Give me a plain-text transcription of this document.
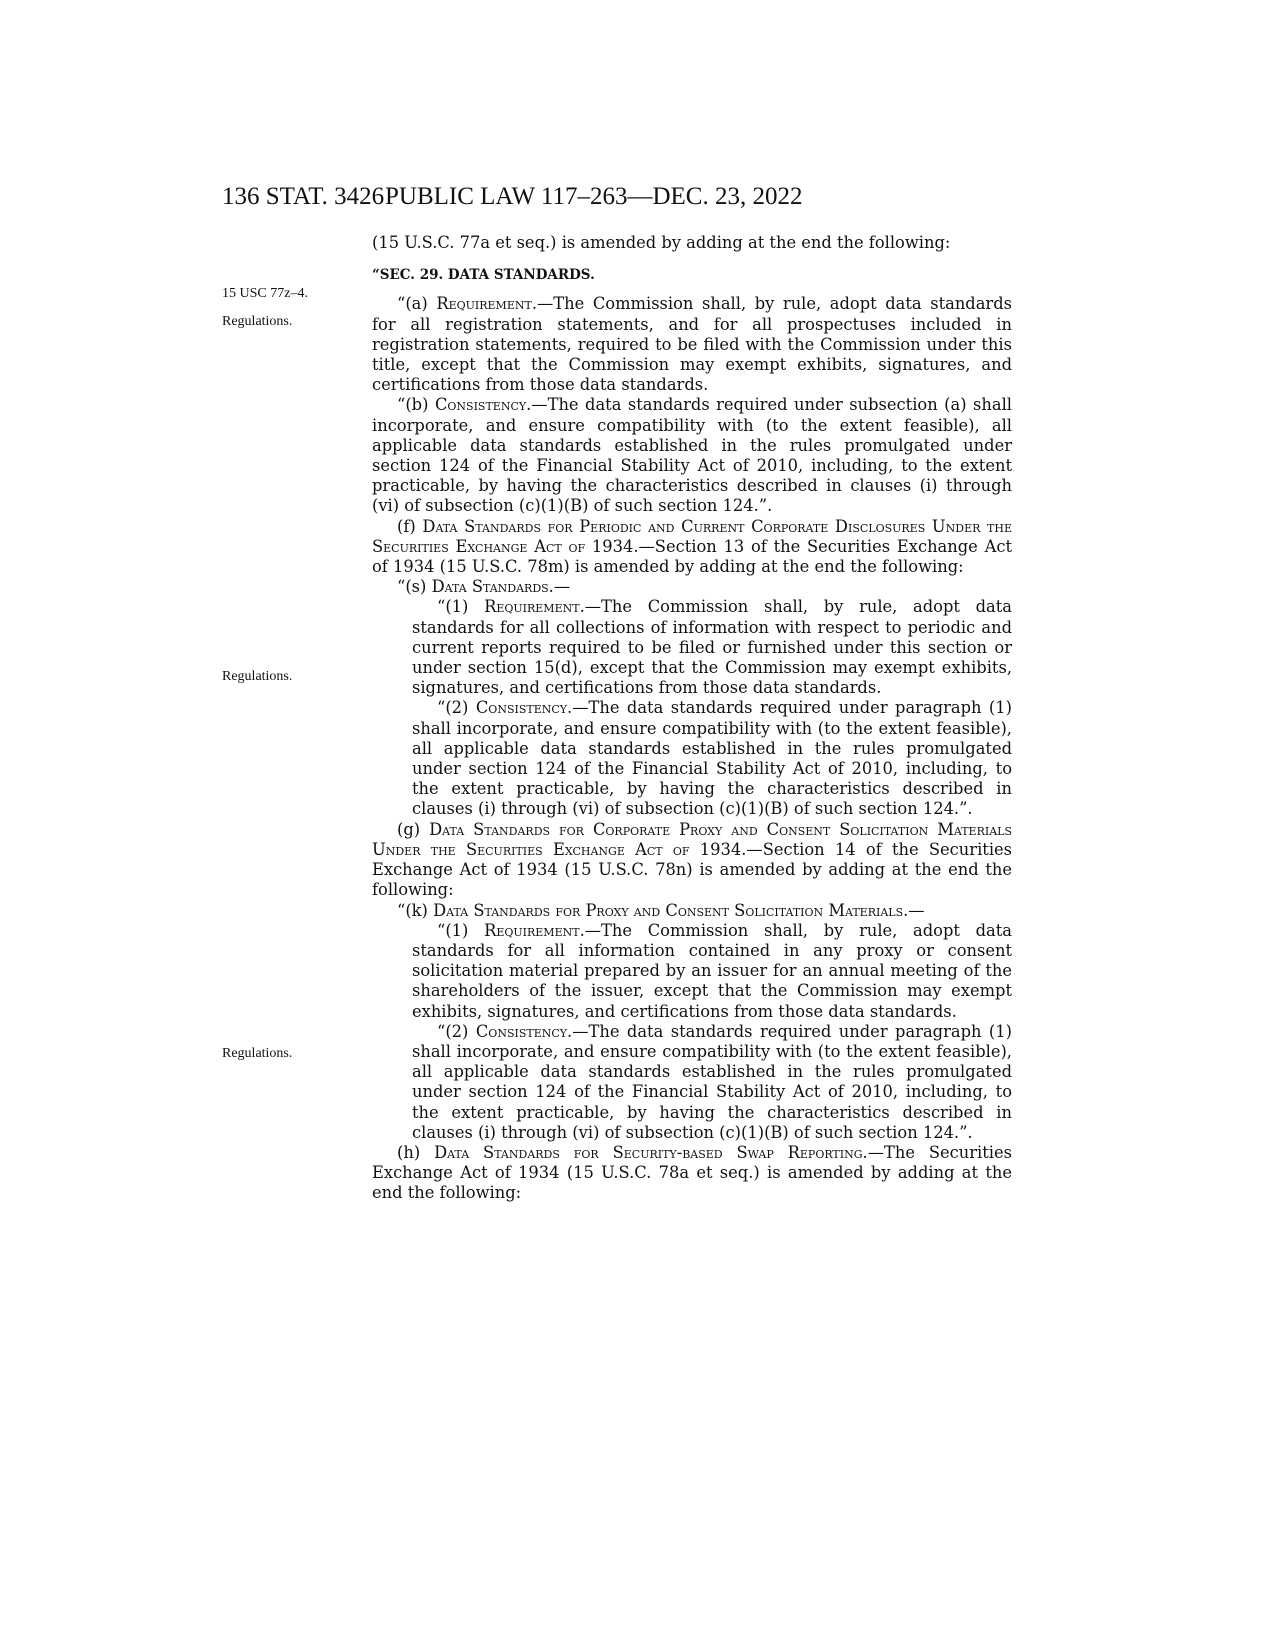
136 STAT. 3426 PUBLIC LAW 117–263—DEC. 23, 2022
15 USC 77z–4.
Regulations.
Regulations.
Regulations.

(15 U.S.C. 77a et seq.) is amended by adding at the end the following:

“SEC. 29. DATA STANDARDS.

“(a) Requirement.—The Commission shall, by rule, adopt data standards for all registration statements, and for all prospectuses included in registration statements, required to be filed with the Commission under this title, except that the Commission may exempt exhibits, signatures, and certifications from those data standards.

“(b) Consistency.—The data standards required under subsection (a) shall incorporate, and ensure compatibility with (to the extent feasible), all applicable data standards established in the rules promulgated under section 124 of the Financial Stability Act of 2010, including, to the extent practicable, by having the characteristics described in clauses (i) through (vi) of subsection (c)(1)(B) of such section 124.”.

(f) Data Standards for Periodic and Current Corporate Disclosures Under the Securities Exchange Act of 1934.—Section 13 of the Securities Exchange Act of 1934 (15 U.S.C. 78m) is amended by adding at the end the following:

“(s) Data Standards.—

“(1) Requirement.—The Commission shall, by rule, adopt data standards for all collections of information with respect to periodic and current reports required to be filed or furnished under this section or under section 15(d), except that the Commission may exempt exhibits, signatures, and certifications from those data standards.

“(2) Consistency.—The data standards required under paragraph (1) shall incorporate, and ensure compatibility with (to the extent feasible), all applicable data standards established in the rules promulgated under section 124 of the Financial Stability Act of 2010, including, to the extent practicable, by having the characteristics described in clauses (i) through (vi) of subsection (c)(1)(B) of such section 124.”.

(g) Data Standards for Corporate Proxy and Consent Solicitation Materials Under the Securities Exchange Act of 1934.—Section 14 of the Securities Exchange Act of 1934 (15 U.S.C. 78n) is amended by adding at the end the following:

“(k) Data Standards for Proxy and Consent Solicitation Materials.—

“(1) Requirement.—The Commission shall, by rule, adopt data standards for all information contained in any proxy or consent solicitation material prepared by an issuer for an annual meeting of the shareholders of the issuer, except that the Commission may exempt exhibits, signatures, and certifications from those data standards.

“(2) Consistency.—The data standards required under paragraph (1) shall incorporate, and ensure compatibility with (to the extent feasible), all applicable data standards established in the rules promulgated under section 124 of the Financial Stability Act of 2010, including, to the extent practicable, by having the characteristics described in clauses (i) through (vi) of subsection (c)(1)(B) of such section 124.”.

(h) Data Standards for Security-based Swap Reporting.—The Securities Exchange Act of 1934 (15 U.S.C. 78a et seq.) is amended by adding at the end the following:
